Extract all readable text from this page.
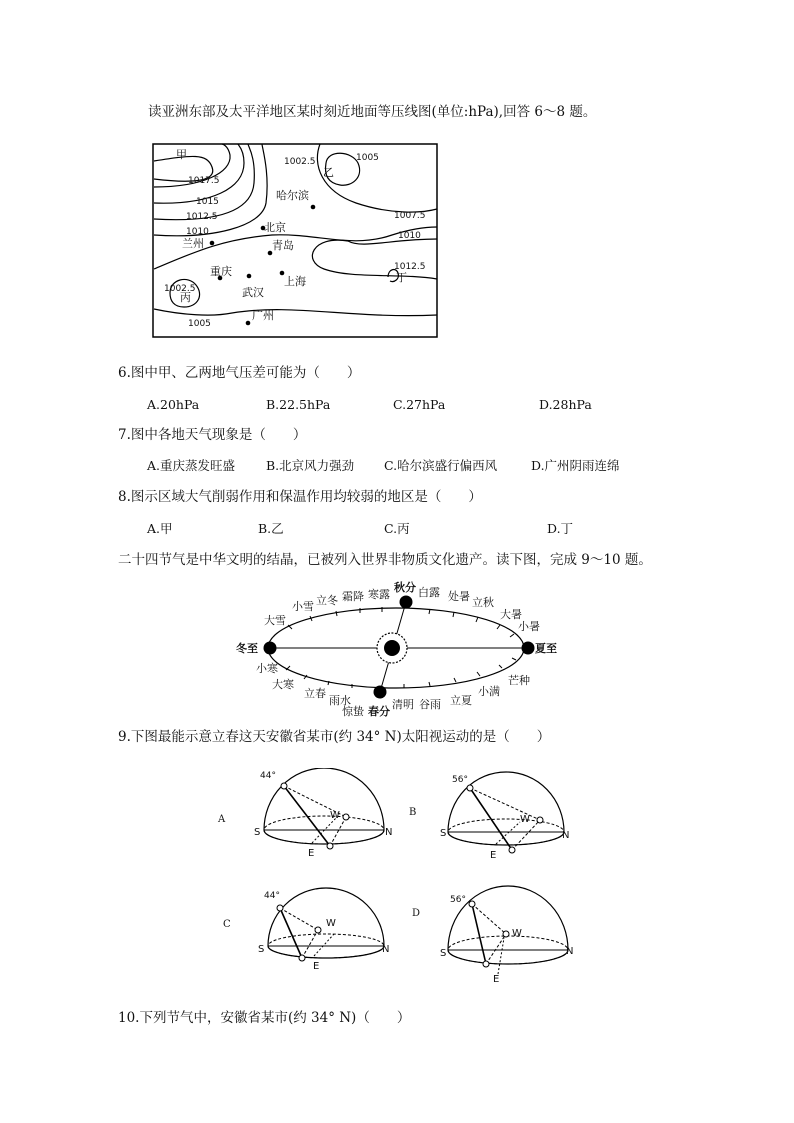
读亚洲东部及太平洋地区某时刻近地面等压线图(单位:hPa),回答 6～8 题。
甲
乙
丙
丁
哈尔滨
北京
兰州	青岛
重庆
上海
武汉
广州
1017.5
1015
1012.5
1010
1002.5	1005
1007.5
1010
1012.5
1002.5
1005
6.图中甲、乙两地气压差可能为（　　）
A.20hPa	B.22.5hPa	C.27hPa	D.28hPa
7.图中各地天气现象是（　　）
A.重庆蒸发旺盛 B.北京风力强劲 C.哈尔滨盛行偏西风	D.广州阴雨连绵
8.图示区域大气削弱作用和保温作用均较弱的地区是（　　）
A.甲	B.乙	C.丙	D.丁
二十四节气是中华文明的结晶，已被列入世界非物质文化遗产。读下图，完成 9～10 题。
冬至	夏至
秋分
春分
小寒
大寒
立春
雨水
惊蛰
清明 谷雨 立夏
小满
芒种
小暑
大暑
立秋
处暑
白露
寒露
霜降
立冬
小雪
大雪
9.下图最能示意立春这天安徽省某市(约 34° N)太阳视运动的是（　　）
A
44°
S	N
E
W	B
56°
S	N
E
W
C
44°
S	N
E
W
D
56°
S	N
E
W
10.下列节气中，安徽省某市(约 34° N)（　　）
